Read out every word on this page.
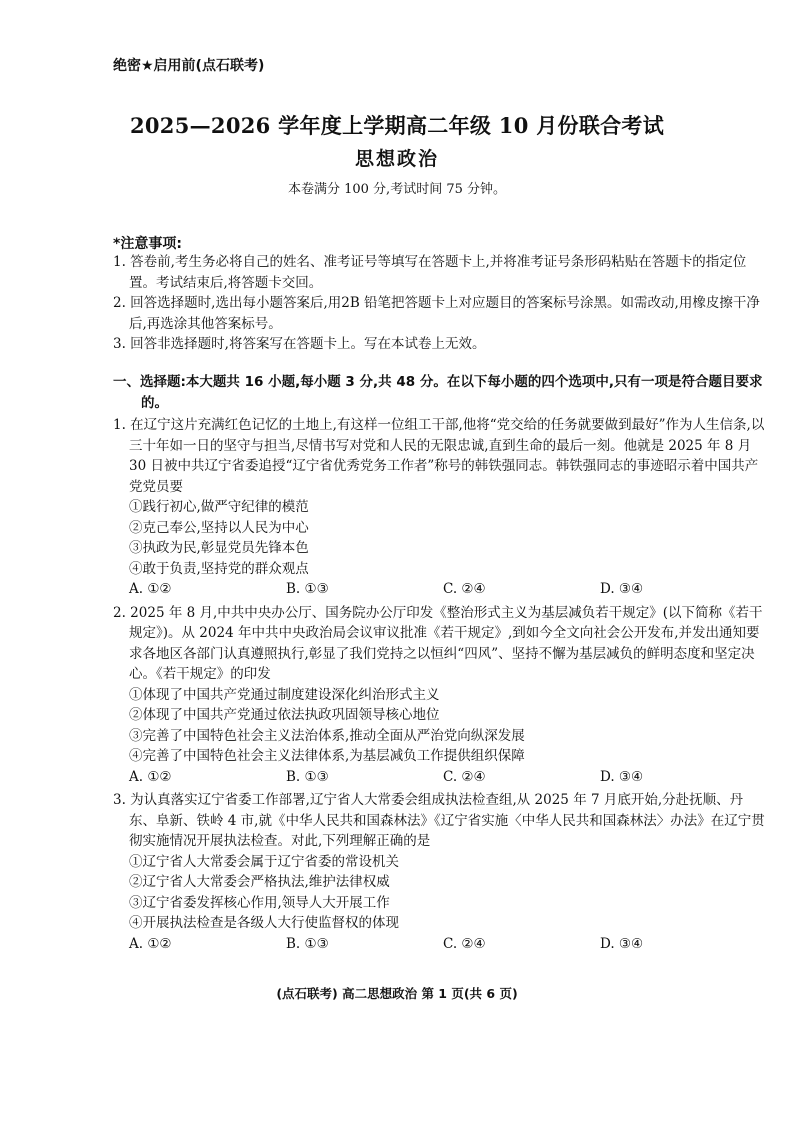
绝密★启用前(点石联考)
2025—2026 学年度上学期高二年级 10 月份联合考试
思想政治
本卷满分 100 分,考试时间 75 分钟。
*注意事项:

1. 答卷前,考生务必将自己的姓名、准考证号等填写在答题卡上,并将准考证号条形码粘贴在答题卡的指定位置。考试结束后,将答题卡交回。

2. 回答选择题时,选出每小题答案后,用2B 铅笔把答题卡上对应题目的答案标号涂黑。如需改动,用橡皮擦干净后,再选涂其他答案标号。

3. 回答非选择题时,将答案写在答题卡上。写在本试卷上无效。

一、选择题:本大题共 16 小题,每小题 3 分,共 48 分。在以下每小题的四个选项中,只有一项是符合题目要求的。

1. 在辽宁这片充满红色记忆的土地上,有这样一位组工干部,他将“党交给的任务就要做到最好”作为人生信条,以三十年如一日的坚守与担当,尽情书写对党和人民的无限忠诚,直到生命的最后一刻。他就是 2025 年 8 月 30 日被中共辽宁省委追授“辽宁省优秀党务工作者”称号的韩铁强同志。韩铁强同志的事迹昭示着中国共产党党员要

①践行初心,做严守纪律的模范

②克己奉公,坚持以人民为中心

③执政为民,彰显党员先锋本色

④敢于负责,坚持党的群众观点

A. ①②	B. ①③	C. ②④	D. ③④

2. 2025 年 8 月,中共中央办公厅、国务院办公厅印发《整治形式主义为基层减负若干规定》(以下简称《若干规定》)。从 2024 年中共中央政治局会议审议批准《若干规定》,到如今全文向社会公开发布,并发出通知要求各地区各部门认真遵照执行,彰显了我们党持之以恒纠“四风”、坚持不懈为基层减负的鲜明态度和坚定决心。《若干规定》的印发

①体现了中国共产党通过制度建设深化纠治形式主义

②体现了中国共产党通过依法执政巩固领导核心地位

③完善了中国特色社会主义法治体系,推动全面从严治党向纵深发展

④完善了中国特色社会主义法律体系,为基层减负工作提供组织保障

A. ①②	B. ①③	C. ②④	D. ③④

3. 为认真落实辽宁省委工作部署,辽宁省人大常委会组成执法检查组,从 2025 年 7 月底开始,分赴抚顺、丹东、阜新、铁岭 4 市,就《中华人民共和国森林法》《辽宁省实施〈中华人民共和国森林法〉办法》在辽宁贯彻实施情况开展执法检查。对此,下列理解正确的是

①辽宁省人大常委会属于辽宁省委的常设机关

②辽宁省人大常委会严格执法,维护法律权威

③辽宁省委发挥核心作用,领导人大开展工作

④开展执法检查是各级人大行使监督权的体现

A. ①②	B. ①③	C. ②④	D. ③④
(点石联考) 高二思想政治 第 1 页(共 6 页)
